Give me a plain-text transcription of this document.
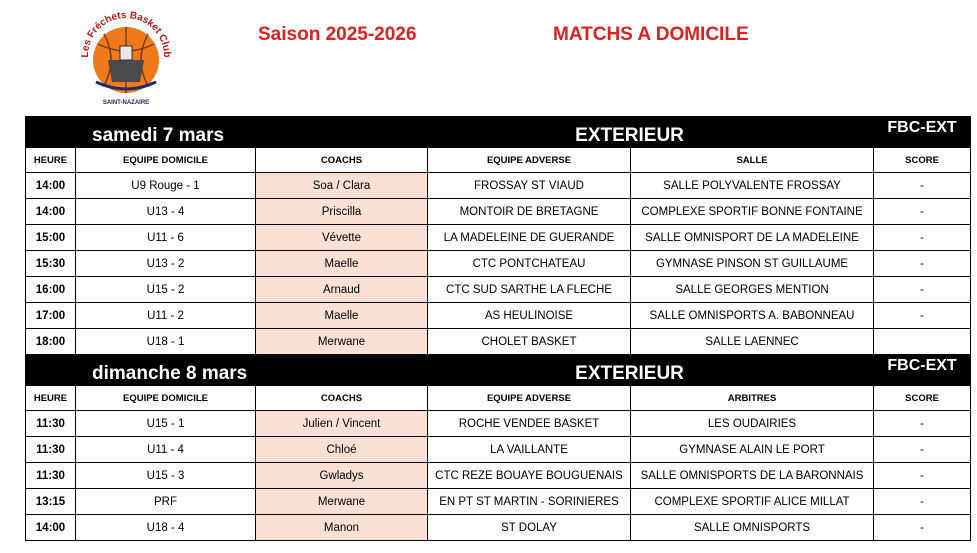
Les Fréchets Basket Club
SAINT-NAZAIRE
Saison 2025-2026	MATCHS A DOMICILE
samedi 7 mars		EXTERIEUR			FBC-EXT
HEURE	EQUIPE DOMICILE	COACHS	EQUIPE ADVERSE	SALLE	SCORE
14:00	U9 Rouge - 1	Soa / Clara	FROSSAY ST VIAUD	SALLE POLYVALENTE FROSSAY	-
14:00	U13 - 4	Priscilla	MONTOIR DE BRETAGNE	COMPLEXE SPORTIF BONNE FONTAINE	-
15:00	U11 - 6	Vévette	LA MADELEINE DE GUERANDE	SALLE OMNISPORT DE LA MADELEINE	-
15:30	U13 - 2	Maelle	CTC PONTCHATEAU	GYMNASE PINSON ST GUILLAUME	-
16:00	U15 - 2	Arnaud	CTC SUD SARTHE LA FLECHE	SALLE GEORGES MENTION	-
17:00	U11 - 2	Maelle	AS HEULINOISE	SALLE OMNISPORTS A. BABONNEAU	-
18:00	U18 - 1	Merwane	CHOLET BASKET	SALLE LAENNEC	
dimanche 8 mars		EXTERIEUR			FBC-EXT
HEURE	EQUIPE DOMICILE	COACHS	EQUIPE ADVERSE	ARBITRES	SCORE
11:30	U15 - 1	Julien / Vincent	ROCHE VENDEE BASKET	LES OUDAIRIES	-
11:30	U11 - 4	Chloé	LA VAILLANTE	GYMNASE ALAIN LE PORT	-
11:30	U15 - 3	Gwladys	CTC REZE BOUAYE BOUGUENAIS	SALLE OMNISPORTS DE LA BARONNAIS	-
13:15	PRF	Merwane	EN PT ST MARTIN - SORINIERES	COMPLEXE SPORTIF ALICE MILLAT	-
14:00	U18 - 4	Manon	ST DOLAY	SALLE OMNISPORTS	-
